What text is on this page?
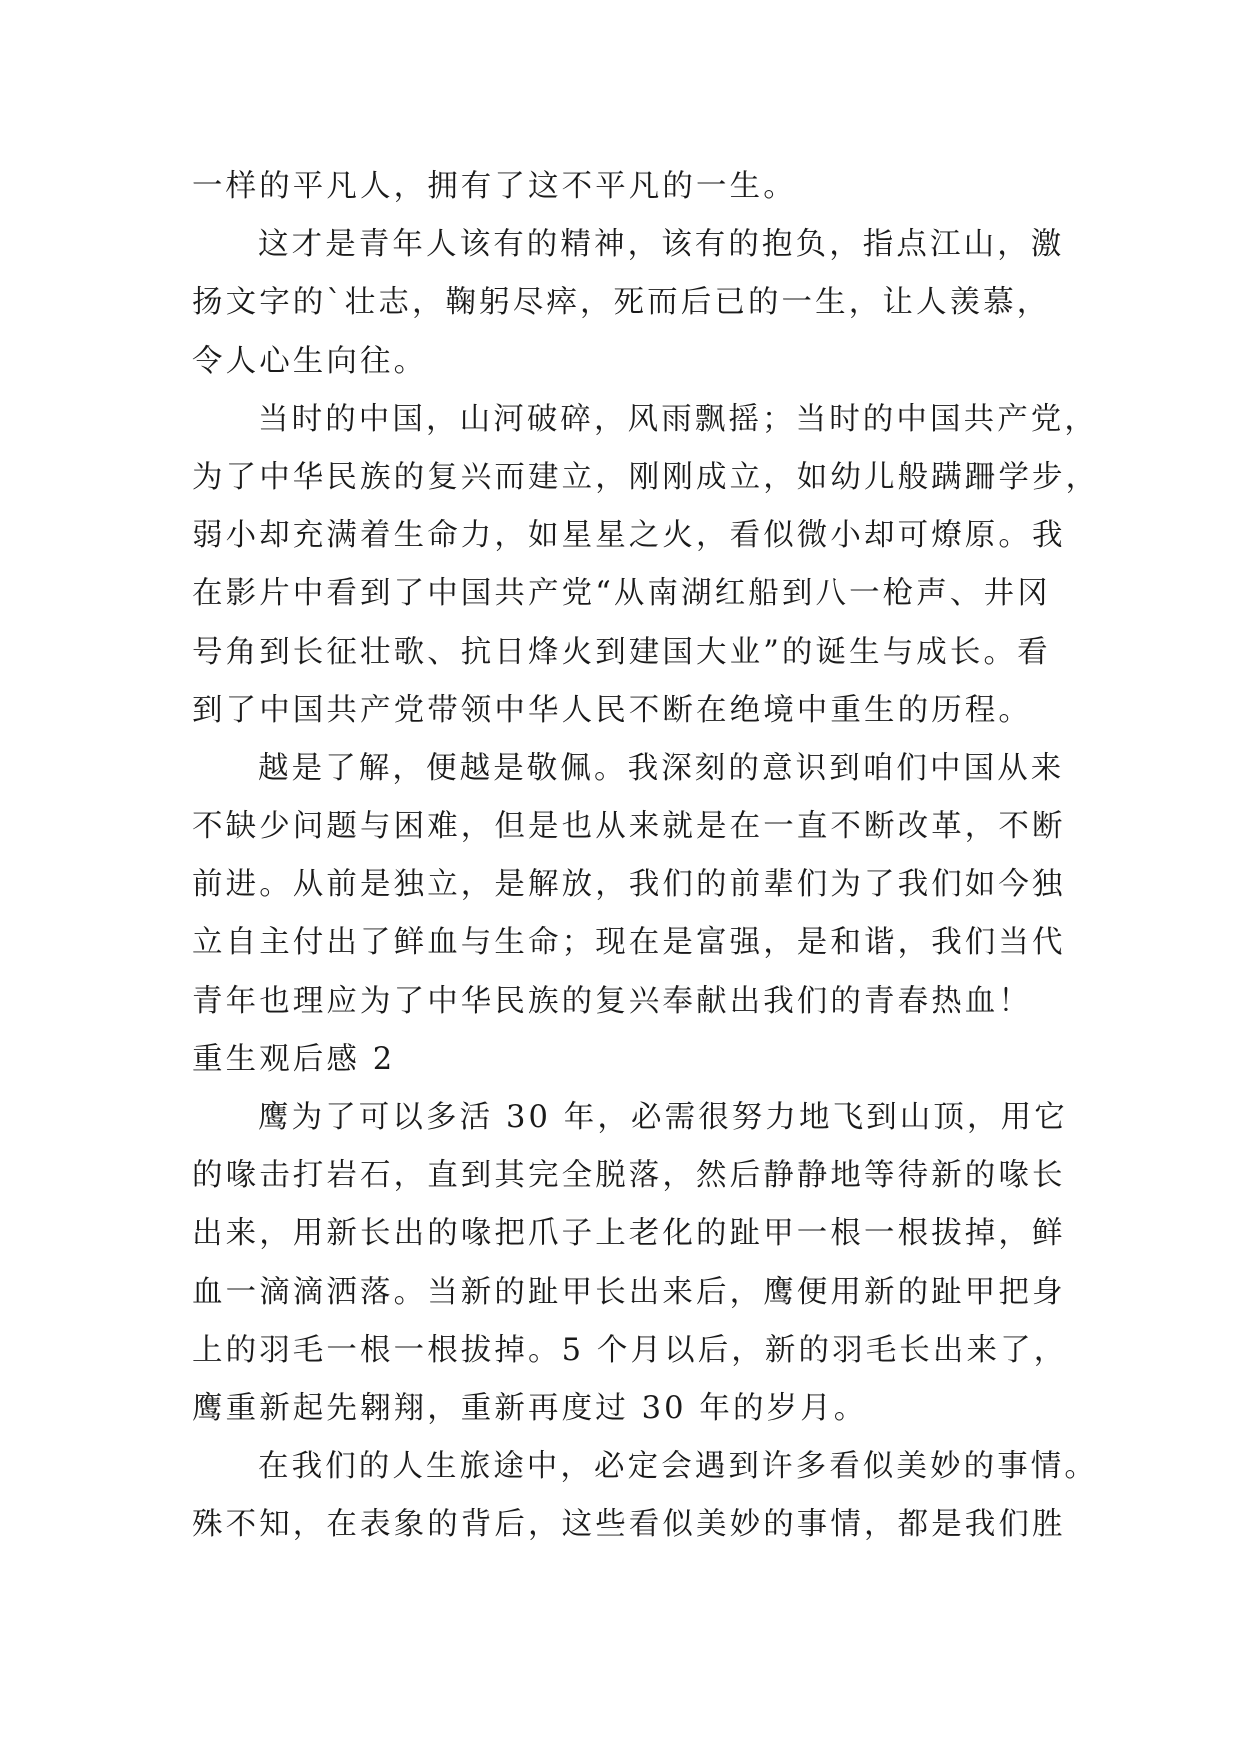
一样的平凡人，拥有了这不平凡的一生。
这才是青年人该有的精神，该有的抱负，指点江山，激
扬文字的`壮志，鞠躬尽瘁，死而后已的一生，让人羡慕，
令人心生向往。
当时的中国，山河破碎，风雨飘摇；当时的中国共产党，
为了中华民族的复兴而建立，刚刚成立，如幼儿般蹒跚学步，
弱小却充满着生命力，如星星之火，看似微小却可燎原。我
在影片中看到了中国共产党“从南湖红船到八一枪声、井冈
号角到长征壮歌、抗日烽火到建国大业”的诞生与成长。看
到了中国共产党带领中华人民不断在绝境中重生的历程。
越是了解，便越是敬佩。我深刻的意识到咱们中国从来
不缺少问题与困难，但是也从来就是在一直不断改革，不断
前进。从前是独立，是解放，我们的前辈们为了我们如今独
立自主付出了鲜血与生命；现在是富强，是和谐，我们当代
青年也理应为了中华民族的复兴奉献出我们的青春热血！
重生观后感 2
鹰为了可以多活 30 年，必需很努力地飞到山顶，用它
的喙击打岩石，直到其完全脱落，然后静静地等待新的喙长
出来，用新长出的喙把爪子上老化的趾甲一根一根拔掉，鲜
血一滴滴洒落。当新的趾甲长出来后，鹰便用新的趾甲把身
上的羽毛一根一根拔掉。5 个月以后，新的羽毛长出来了，
鹰重新起先翱翔，重新再度过 30 年的岁月。
在我们的人生旅途中，必定会遇到许多看似美妙的事情。
殊不知，在表象的背后，这些看似美妙的事情，都是我们胜
